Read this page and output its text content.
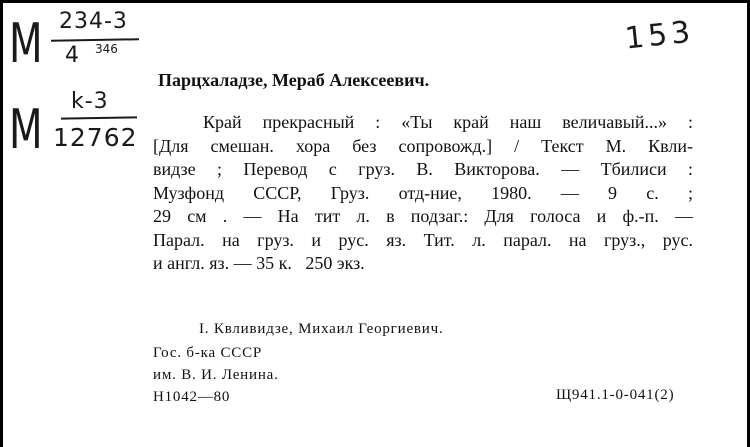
M 234-3
4 346
M k-3
12762
153
Парцхаладзе, Мераб Алексеевич.
Край прекрасный : «Ты край наш величавый...» :
[Для смешан. хора без сопровожд.] / Текст М. Квли-
видзе ; Перевод с груз. В. Викторова. — Тбилиси :
Музфонд СССР, Груз. отд-ние, 1980. — 9 с. ;
29 см . — На тит л. в подзаг.: Для голоса и ф.-п. —
Парал. на груз. и рус. яз. Тит. л. парал. на груз., рус.
и англ. яз. — 35 к.   250 экз.
I. Квливидзе, Михаил Георгиевич.
Гос. б-ка СССР
им. В. И. Ленина.
Н1042—80	Щ941.1-0-041(2)
